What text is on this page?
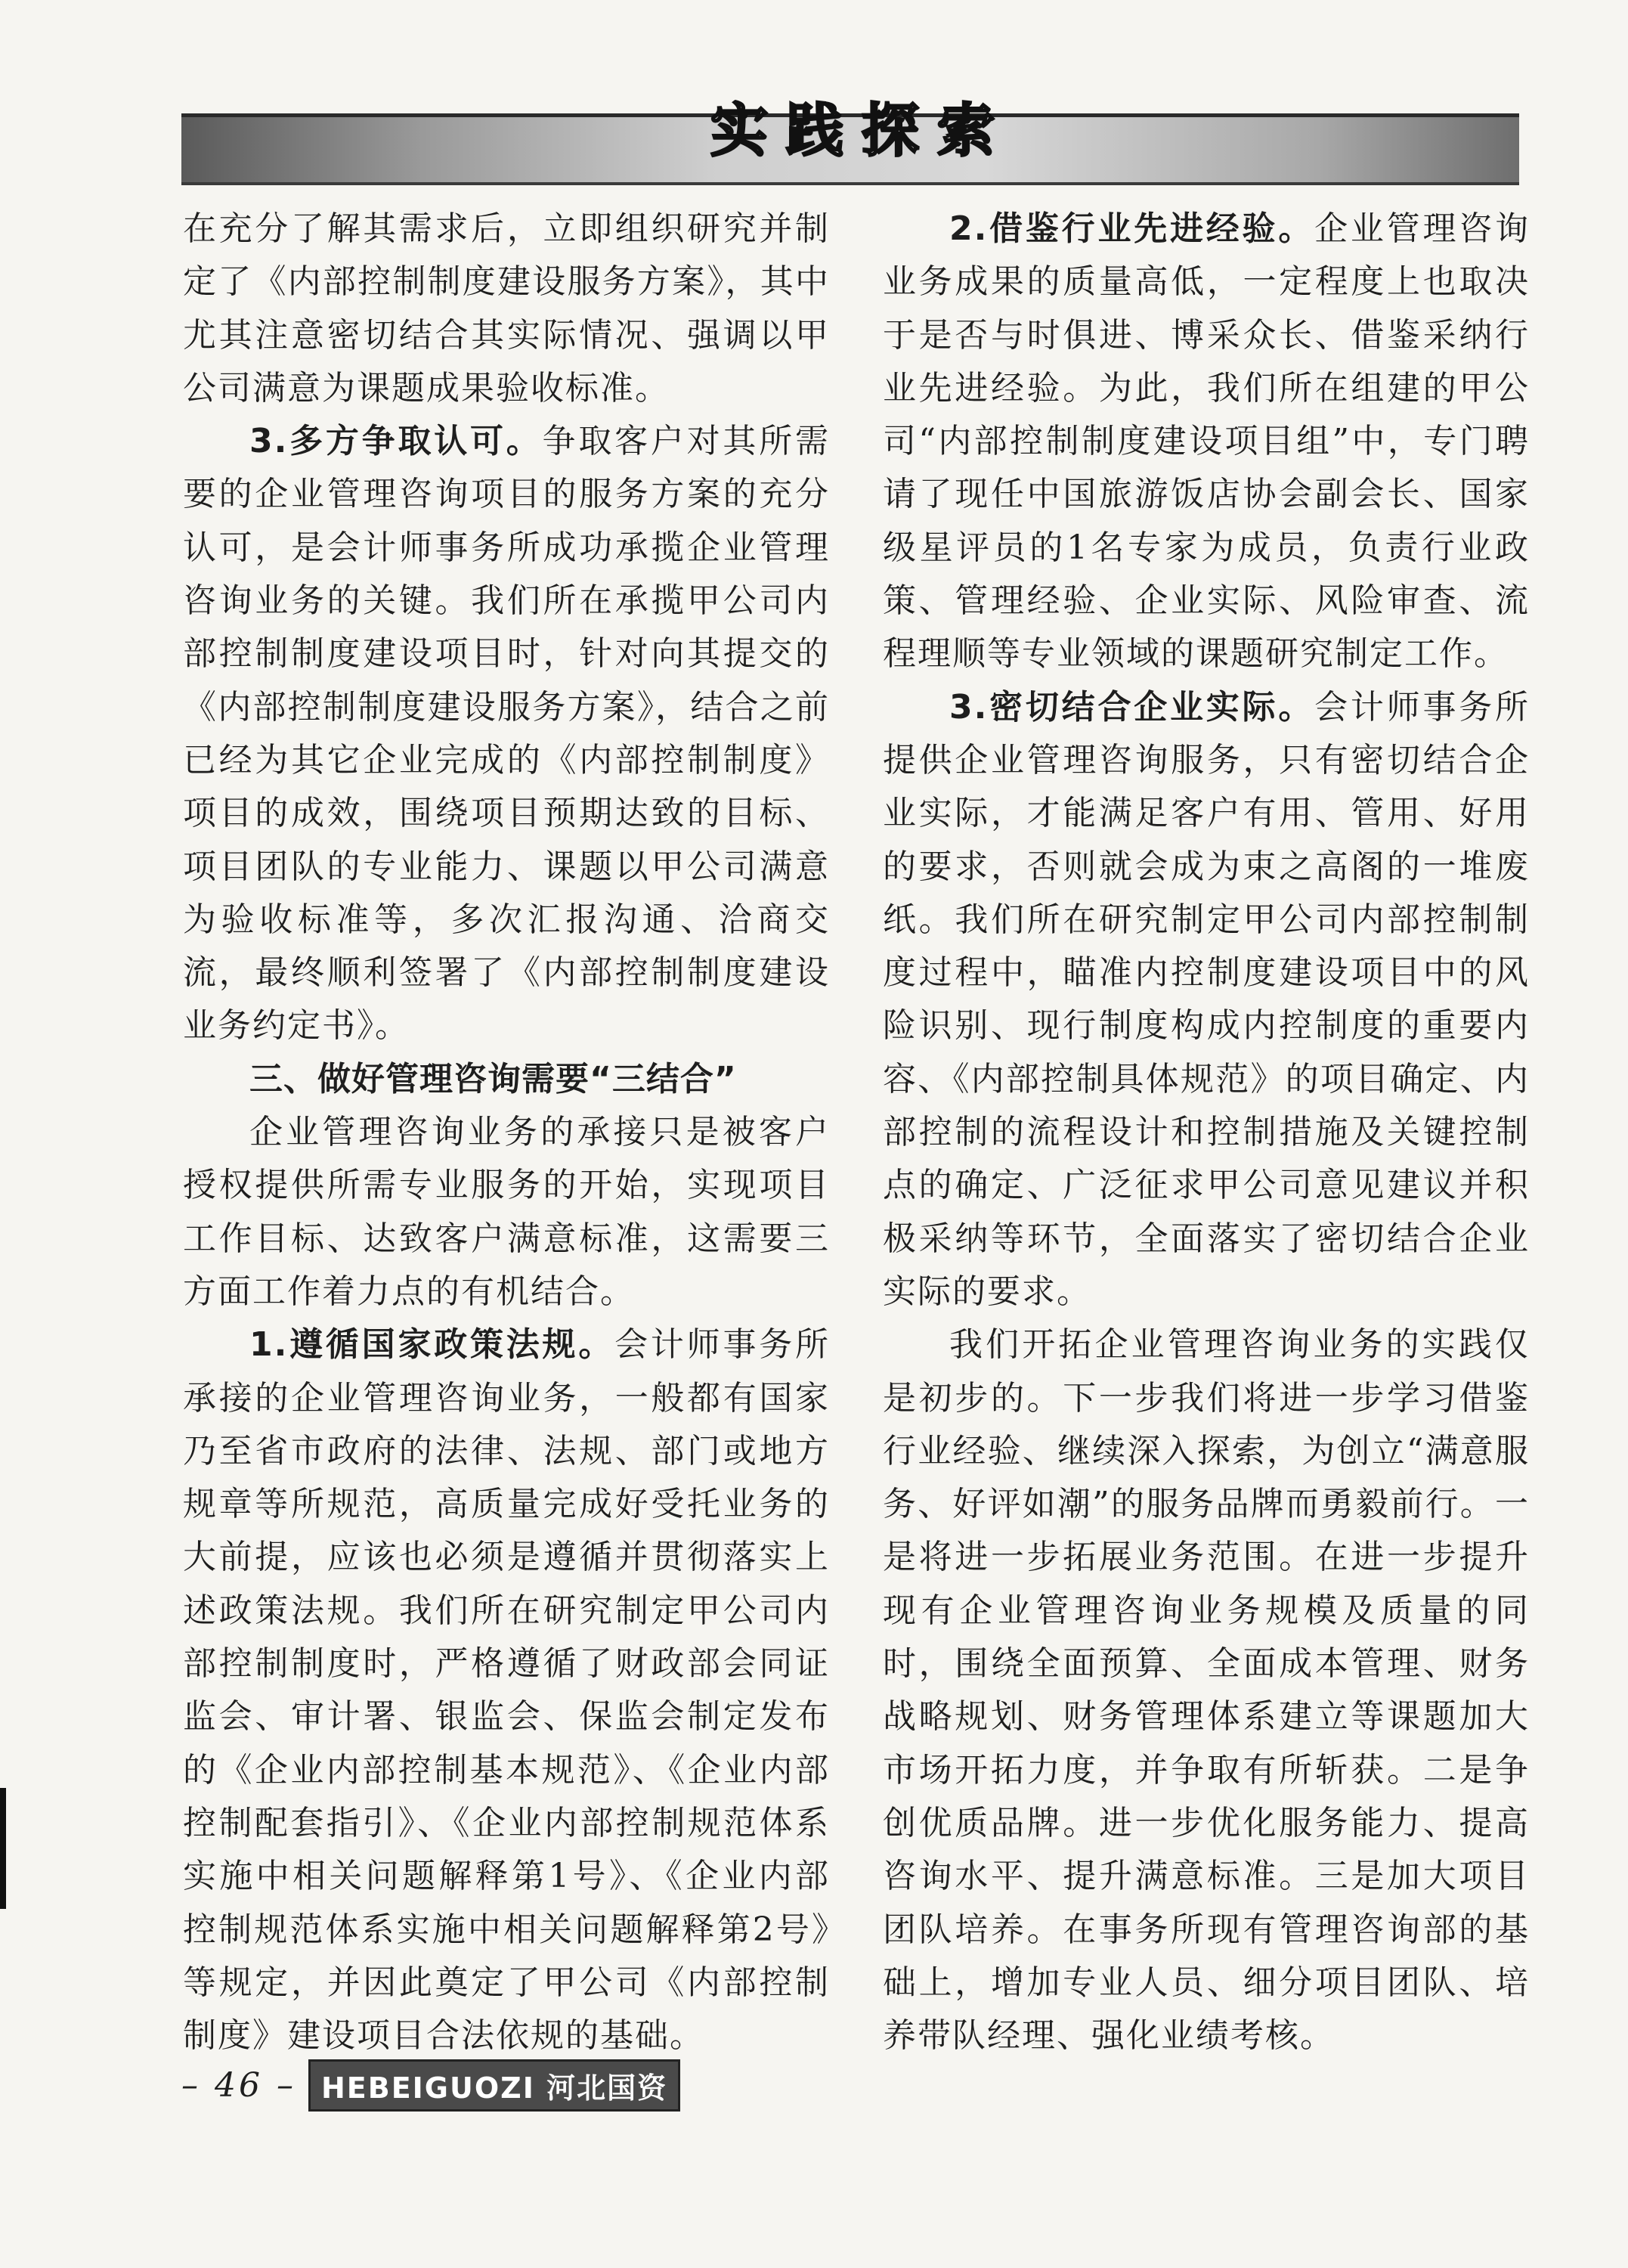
实践探索

在充分了解其需求后，立即组织研究并制定了《内部控制制度建设服务方案》，其中尤其注意密切结合其实际情况、强调以甲公司满意为课题成果验收标准。

3.多方争取认可。争取客户对其所需要的企业管理咨询项目的服务方案的充分认可，是会计师事务所成功承揽企业管理咨询业务的关键。我们所在承揽甲公司内部控制制度建设项目时，针对向其提交的《内部控制制度建设服务方案》，结合之前已经为其它企业完成的《内部控制制度》项目的成效，围绕项目预期达致的目标、项目团队的专业能力、课题以甲公司满意为验收标准等，多次汇报沟通、洽商交流，最终顺利签署了《内部控制制度建设业务约定书》。

三、做好管理咨询需要“三结合”

企业管理咨询业务的承接只是被客户授权提供所需专业服务的开始，实现项目工作目标、达致客户满意标准，这需要三方面工作着力点的有机结合。

1.遵循国家政策法规。会计师事务所承接的企业管理咨询业务，一般都有国家乃至省市政府的法律、法规、部门或地方规章等所规范，高质量完成好受托业务的大前提，应该也必须是遵循并贯彻落实上述政策法规。我们所在研究制定甲公司内部控制制度时，严格遵循了财政部会同证监会、审计署、银监会、保监会制定发布的《企业内部控制基本规范》、《企业内部控制配套指引》、《企业内部控制规范体系实施中相关问题解释第1号》、《企业内部控制规范体系实施中相关问题解释第2号》等规定，并因此奠定了甲公司《内部控制制度》建设项目合法依规的基础。

2.借鉴行业先进经验。企业管理咨询业务成果的质量高低，一定程度上也取决于是否与时俱进、博采众长、借鉴采纳行业先进经验。为此，我们所在组建的甲公司“内部控制制度建设项目组”中，专门聘请了现任中国旅游饭店协会副会长、国家级星评员的1名专家为成员，负责行业政策、管理经验、企业实际、风险审查、流程理顺等专业领域的课题研究制定工作。

3.密切结合企业实际。会计师事务所提供企业管理咨询服务，只有密切结合企业实际，才能满足客户有用、管用、好用的要求，否则就会成为束之高阁的一堆废纸。我们所在研究制定甲公司内部控制制度过程中，瞄准内控制度建设项目中的风险识别、现行制度构成内控制度的重要内容、《内部控制具体规范》的项目确定、内部控制的流程设计和控制措施及关键控制点的确定、广泛征求甲公司意见建议并积极采纳等环节，全面落实了密切结合企业实际的要求。

我们开拓企业管理咨询业务的实践仅是初步的。下一步我们将进一步学习借鉴行业经验、继续深入探索，为创立“满意服务、好评如潮”的服务品牌而勇毅前行。一是将进一步拓展业务范围。在进一步提升现有企业管理咨询业务规模及质量的同时，围绕全面预算、全面成本管理、财务战略规划、财务管理体系建立等课题加大市场开拓力度，并争取有所斩获。二是争创优质品牌。进一步优化服务能力、提高咨询水平、提升满意标准。三是加大项目团队培养。在事务所现有管理咨询部的基础上，增加专业人员、细分项目团队、培养带队经理、强化业绩考核。

– 46 – HEBEIGUOZI 河北国资
